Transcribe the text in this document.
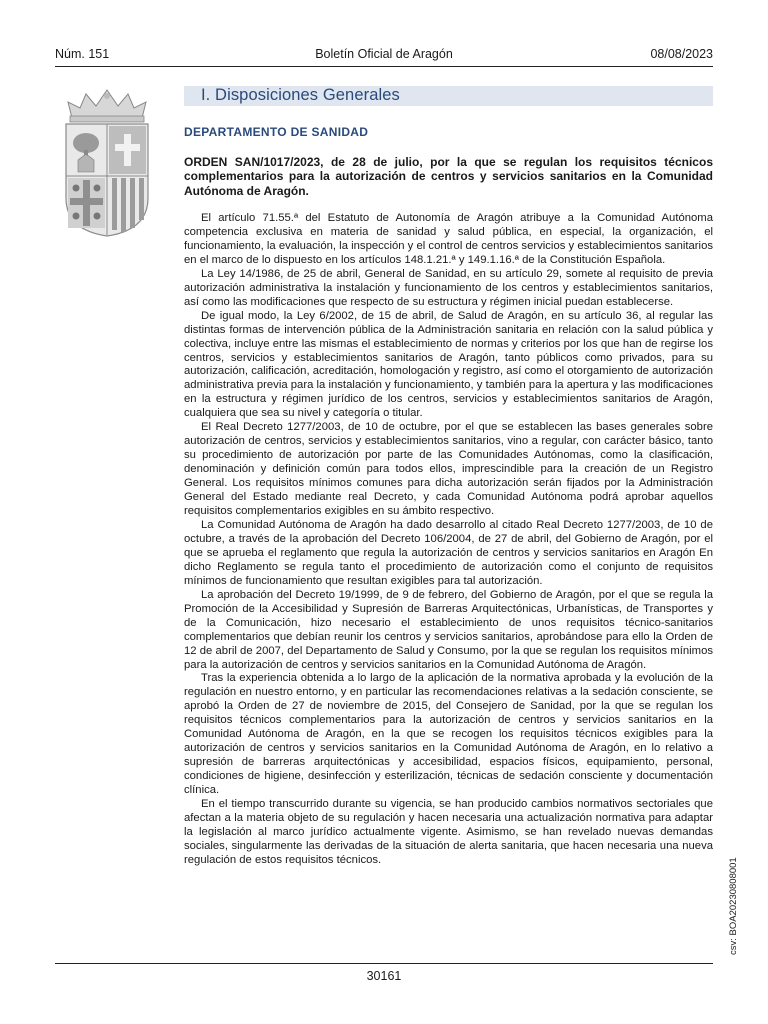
Núm. 151	Boletín Oficial de Aragón	08/08/2023
I. Disposiciones Generales
DEPARTAMENTO DE SANIDAD
ORDEN SAN/1017/2023, de 28 de julio, por la que se regulan los requisitos técnicos complementarios para la autorización de centros y servicios sanitarios en la Comunidad Autónoma de Aragón.

El artículo 71.55.ª del Estatuto de Autonomía de Aragón atribuye a la Comunidad Autónoma competencia exclusiva en materia de sanidad y salud pública, en especial, la organización, el funcionamiento, la evaluación, la inspección y el control de centros servicios y establecimientos sanitarios en el marco de lo dispuesto en los artículos 148.1.21.ª y 149.1.16.ª de la Constitución Española.

La Ley 14/1986, de 25 de abril, General de Sanidad, en su artículo 29, somete al requisito de previa autorización administrativa la instalación y funcionamiento de los centros y establecimientos sanitarios, así como las modificaciones que respecto de su estructura y régimen inicial puedan establecerse.

De igual modo, la Ley 6/2002, de 15 de abril, de Salud de Aragón, en su artículo 36, al regular las distintas formas de intervención pública de la Administración sanitaria en relación con la salud pública y colectiva, incluye entre las mismas el establecimiento de normas y criterios por los que han de regirse los centros, servicios y establecimientos sanitarios de Aragón, tanto públicos como privados, para su autorización, calificación, acreditación, homologación y registro, así como el otorgamiento de autorización administrativa previa para la instalación y funcionamiento, y también para la apertura y las modificaciones en la estructura y régimen jurídico de los centros, servicios y establecimientos sanitarios de Aragón, cualquiera que sea su nivel y categoría o titular.

El Real Decreto 1277/2003, de 10 de octubre, por el que se establecen las bases generales sobre autorización de centros, servicios y establecimientos sanitarios, vino a regular, con carácter básico, tanto su procedimiento de autorización por parte de las Comunidades Autónomas, como la clasificación, denominación y definición común para todos ellos, imprescindible para la creación de un Registro General. Los requisitos mínimos comunes para dicha autorización serán fijados por la Administración General del Estado mediante real Decreto, y cada Comunidad Autónoma podrá aprobar aquellos requisitos complementarios exigibles en su ámbito respectivo.

La Comunidad Autónoma de Aragón ha dado desarrollo al citado Real Decreto 1277/2003, de 10 de octubre, a través de la aprobación del Decreto 106/2004, de 27 de abril, del Gobierno de Aragón, por el que se aprueba el reglamento que regula la autorización de centros y servicios sanitarios en Aragón En dicho Reglamento se regula tanto el procedimiento de autorización como el conjunto de requisitos mínimos de funcionamiento que resultan exigibles para tal autorización.

La aprobación del Decreto 19/1999, de 9 de febrero, del Gobierno de Aragón, por el que se regula la Promoción de la Accesibilidad y Supresión de Barreras Arquitectónicas, Urbanísticas, de Transportes y de la Comunicación, hizo necesario el establecimiento de unos requisitos técnico-sanitarios complementarios que debían reunir los centros y servicios sanitarios, aprobándose para ello la Orden de 12 de abril de 2007, del Departamento de Salud y Consumo, por la que se regulan los requisitos mínimos para la autorización de centros y servicios sanitarios en la Comunidad Autónoma de Aragón.

Tras la experiencia obtenida a lo largo de la aplicación de la normativa aprobada y la evolución de la regulación en nuestro entorno, y en particular las recomendaciones relativas a la sedación consciente, se aprobó la Orden de 27 de noviembre de 2015, del Consejero de Sanidad, por la que se regulan los requisitos técnicos complementarios para la autorización de centros y servicios sanitarios en la Comunidad Autónoma de Aragón, en la que se recogen los requisitos técnicos exigibles para la autorización de centros y servicios sanitarios en la Comunidad Autónoma de Aragón, en lo relativo a supresión de barreras arquitectónicas y accesibilidad, espacios físicos, equipamiento, personal, condiciones de higiene, desinfección y esterilización, técnicas de sedación consciente y documentación clínica.

En el tiempo transcurrido durante su vigencia, se han producido cambios normativos sectoriales que afectan a la materia objeto de su regulación y hacen necesaria una actualización normativa para adaptar la legislación al marco jurídico actualmente vigente. Asimismo, se han revelado nuevas demandas sociales, singularmente las derivadas de la situación de alerta sanitaria, que hacen necesaria una nueva regulación de estos requisitos técnicos.

30161
csv: BOA20230808001
